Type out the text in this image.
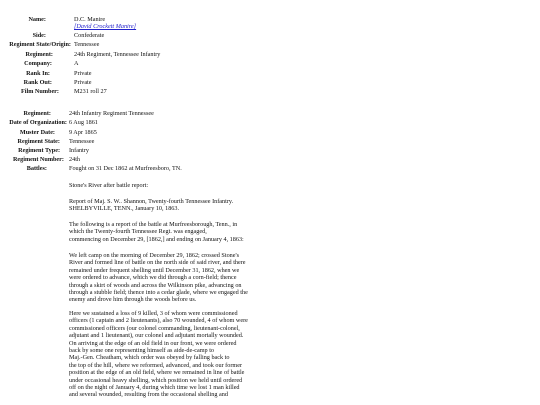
Name:	D.C. Manire
[David Crockett Manire]
Side:	Confederate
Regiment State/Origin: Tennessee
Regiment:	24th Regiment, Tennessee Infantry
Company:	A
Rank In:	Private
Rank Out:	Private
Film Number: M231 roll 27
Regiment:	24th Infantry Regiment Tennessee
Date of Organization: 6 Aug 1861
Muster Date: 9 Apr 1865
Regiment State: Tennessee
Regiment Type: Infantry
Regiment Number: 24th
Battles:	Fought on 31 Dec 1862 at Murfreesboro, TN.

Stone's River after battle report:

Report of Maj. S. W.. Shannon, Twenty-fourth Tennessee Infantry.

SHELBYVILLE, TENN., January 10, 1863.

The following is a report of the battle at Murfreesborough, Tenn., in

which the Twenty-fourth Tennessee Regt. was engaged,

commencing on December 29, [1862,] and ending on January 4, 1863:

We left camp on the morning of December 29, 1862; crossed Stone's

River and formed line of battle on the north side of said river, and there

remained under frequent shelling until December 31, 1862, when we

were ordered to advance, which we did through a corn-field; thence

through a skirt of woods and across the Wilkinson pike, advancing on

through a stubble field; thence into a cedar glade, where we engaged the

enemy and drove him through the woods before us.

Here we sustained a loss of 9 killed, 3 of whom were commissioned

officers (1 captain and 2 lieutenants), also 70 wounded, 4 of whom were

commissioned officers (our colonel commanding, lieutenant-colonel,

adjutant and 1 lieutenant), our colonel and adjutant mortally wounded.

On arriving at the edge of an old field in our front, we were ordered

back by some one representing himself as aide-de-camp to

Maj.-Gen. Cheatham, which order was obeyed by falling back to

the top of the hill, where we reformed, advanced, and took our former

position at the edge of an old field, where we remained in line of battle

under occasional heavy shelling, which position we held until ordered

off on the night of January 4, during which time we lost 1 man killed

and several wounded, resulting from the occasional shelling and
